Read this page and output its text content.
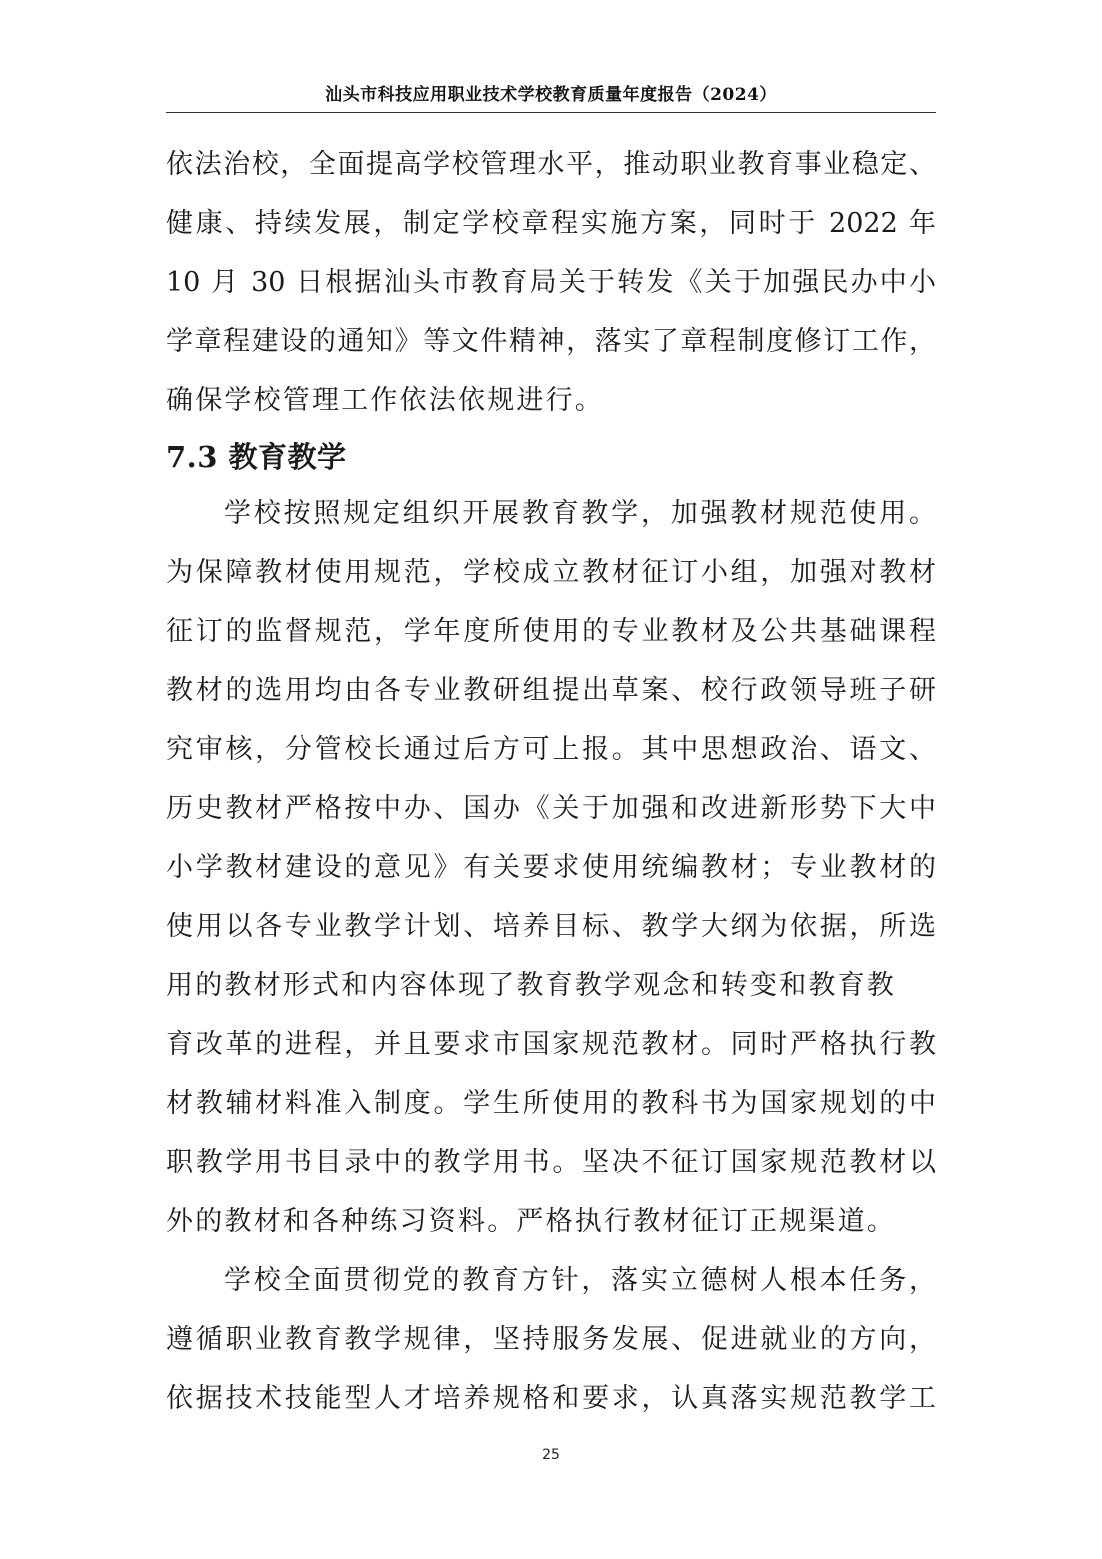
汕头市科技应用职业技术学校教育质量年度报告（2024）
依法治校，全面提高学校管理水平，推动职业教育事业稳定、
健康、持续发展，制定学校章程实施方案，同时于 2022 年
10 月 30 日根据汕头市教育局关于转发《关于加强民办中小
学章程建设的通知》等文件精神，落实了章程制度修订工作，
确保学校管理工作依法依规进行。
7.3 教育教学
学校按照规定组织开展教育教学，加强教材规范使用。
为保障教材使用规范，学校成立教材征订小组，加强对教材
征订的监督规范，学年度所使用的专业教材及公共基础课程
教材的选用均由各专业教研组提出草案、校行政领导班子研
究审核，分管校长通过后方可上报。其中思想政治、语文、
历史教材严格按中办、国办《关于加强和改进新形势下大中
小学教材建设的意见》有关要求使用统编教材；专业教材的
使用以各专业教学计划、培养目标、教学大纲为依据，所选
用的教材形式和内容体现了教育教学观念和转变和教育教
育改革的进程，并且要求市国家规范教材。同时严格执行教
材教辅材料准入制度。学生所使用的教科书为国家规划的中
职教学用书目录中的教学用书。坚决不征订国家规范教材以
外的教材和各种练习资料。严格执行教材征订正规渠道。
学校全面贯彻党的教育方针，落实立德树人根本任务，
遵循职业教育教学规律，坚持服务发展、促进就业的方向，
依据技术技能型人才培养规格和要求，认真落实规范教学工
25
